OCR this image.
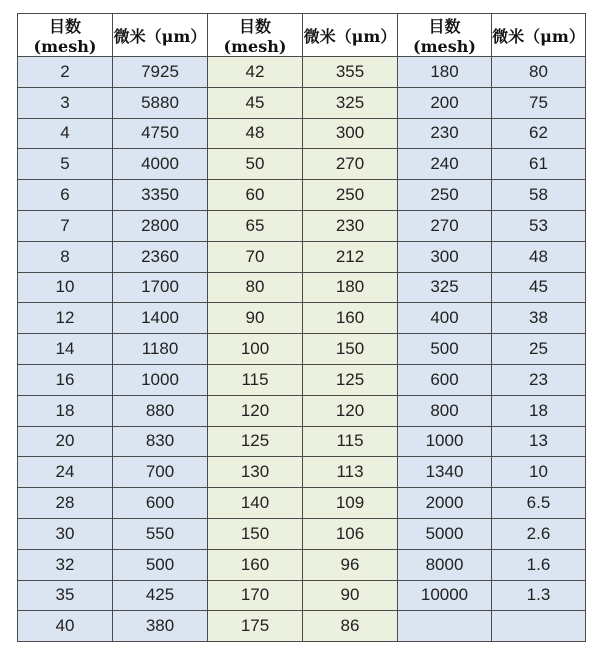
目数(mesh)	微米（μm）	目数(mesh)	微米（μm）	目数(mesh)	微米（μm）
2	7925	42	355	180	80
3	5880	45	325	200	75
4	4750	48	300	230	62
5	4000	50	270	240	61
6	3350	60	250	250	58
7	2800	65	230	270	53
8	2360	70	212	300	48
10	1700	80	180	325	45
12	1400	90	160	400	38
14	1180	100	150	500	25
16	1000	115	125	600	23
18	880	120	120	800	18
20	830	125	115	1000	13
24	700	130	113	1340	10
28	600	140	109	2000	6.5
30	550	150	106	5000	2.6
32	500	160	96	8000	1.6
35	425	170	90	10000	1.3
40	380	175	86		
